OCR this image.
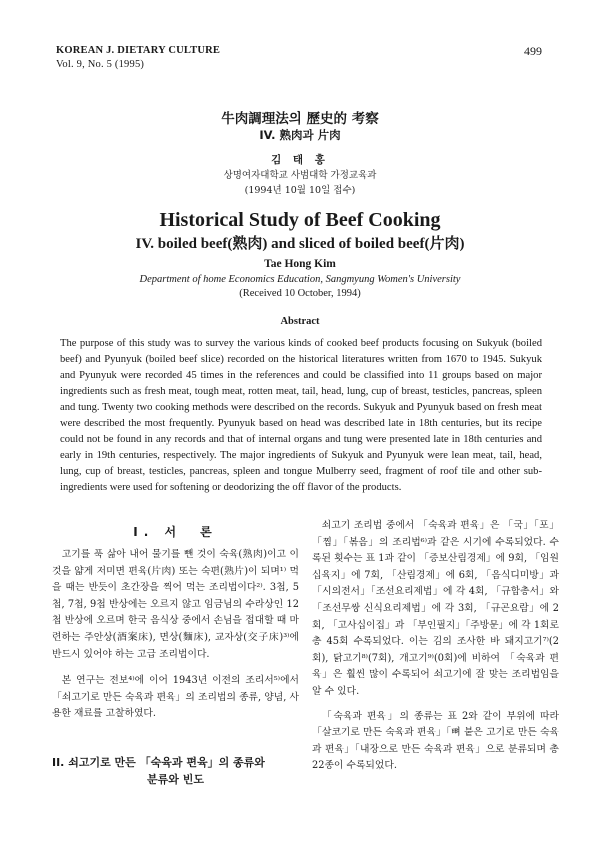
KOREAN J. DIETARY CULTURE
Vol. 9, No. 5 (1995)
499
牛肉調理法의 歷史的 考察
IV. 熟肉과 片肉
김 태 홍
상명여자대학교 사범대학 가정교육과
(1994년 10월 10일 접수)
Historical Study of Beef Cooking
IV. boiled beef(熟肉) and sliced of boiled beef(片肉)
Tae Hong Kim
Department of home Economics Education, Sangmyung Women's University
(Received 10 October, 1994)
Abstract

The purpose of this study was to survey the various kinds of cooked beef products focusing on Sukyuk (boiled beef) and Pyunyuk (boiled beef slice) recorded on the historical literatures written from 1670 to 1945. Sukyuk and Pyunyuk were recorded 45 times in the references and could be classified into 11 groups based on major ingredients such as fresh meat, tough meat, rotten meat, tail, head, lung, cup of breast, testicles, pancreas, spleen and tung. Twenty two cooking methods were described on the records. Sukyuk and Pyunyuk based on fresh meat were described the most frequently. Pyunyuk based on head was described late in 18th centuries, but its recipe could not be found in any records and that of internal organs and tung were presented late in 18th centuries and early in 19th centuries, respectively. The major ingredients of Sukyuk and Pyunyuk were lean meat, tail, head, lung, cup of breast, testicles, pancreas, spleen and tongue Mulberry seed, fragment of roof tile and other sub-ingredients were used for softening or deodorizing the off flavor of the products.

I. 서　론

고기를 푹 삶아 내어 물기를 뺀 것이 숙육(熟肉)이고 이것을 얇게 저미면 편육(片肉) 또는 숙편(熟片)이 되며¹⁾ 먹을 때는 반듯이 초간장을 찍어 먹는 조리법이다²⁾. 3첩, 5첩, 7첩, 9첩 반상에는 오르지 않고 임금님의 수라상인 12첩 반상에 오르며 한국 음식상 중에서 손님을 접대할 때 마련하는 주안상(酒案床), 면상(麵床), 교자상(交子床)³⁾에 반드시 있어야 하는 고급 조리법이다.

본 연구는 전보⁴⁾에 이어 1943년 이전의 조리서⁵⁾에서 「쇠고기로 만든 숙육과 편육」의 조리법의 종류, 양념, 사용한 재료를 고찰하였다.

II. 쇠고기로 만든 「숙육과 편육」의 종류와
분류와 빈도

쇠고기 조리법 중에서 「숙육과 편육」은 「국」「포」「찜」「볶음」의 조리법⁶⁾과 같은 시기에 수록되었다. 수록된 횟수는 표 1과 같이 「증보산림경제」에 9회, 「임원십육지」에 7회, 「산림경제」에 6회, 「음식디미방」과 「시의전서」「조선요리제법」에 각 4회, 「규합총서」와 「조선무쌍 신식요리제법」에 각 3회, 「규곤요람」에 2회, 「고사십이집」과 「부인필지」「주방문」에 각 1회로 총 45회 수록되었다. 이는 김의 조사한 바 돼지고기⁷⁾(2회), 닭고기⁸⁾(7회), 개고기⁹⁾(0회)에 비하여 「숙육과 편육」은 훨씬 많이 수록되어 쇠고기에 잘 맞는 조리법임을 알 수 있다.

「숙육과 편육」의 종류는 표 2와 같이 부위에 따라 「살코기로 만든 숙육과 편육」「뼈 붙은 고기로 만든 숙육과 편육」「내장으로 만든 숙육과 편육」으로 분류되며 총 22종이 수록되었다.
